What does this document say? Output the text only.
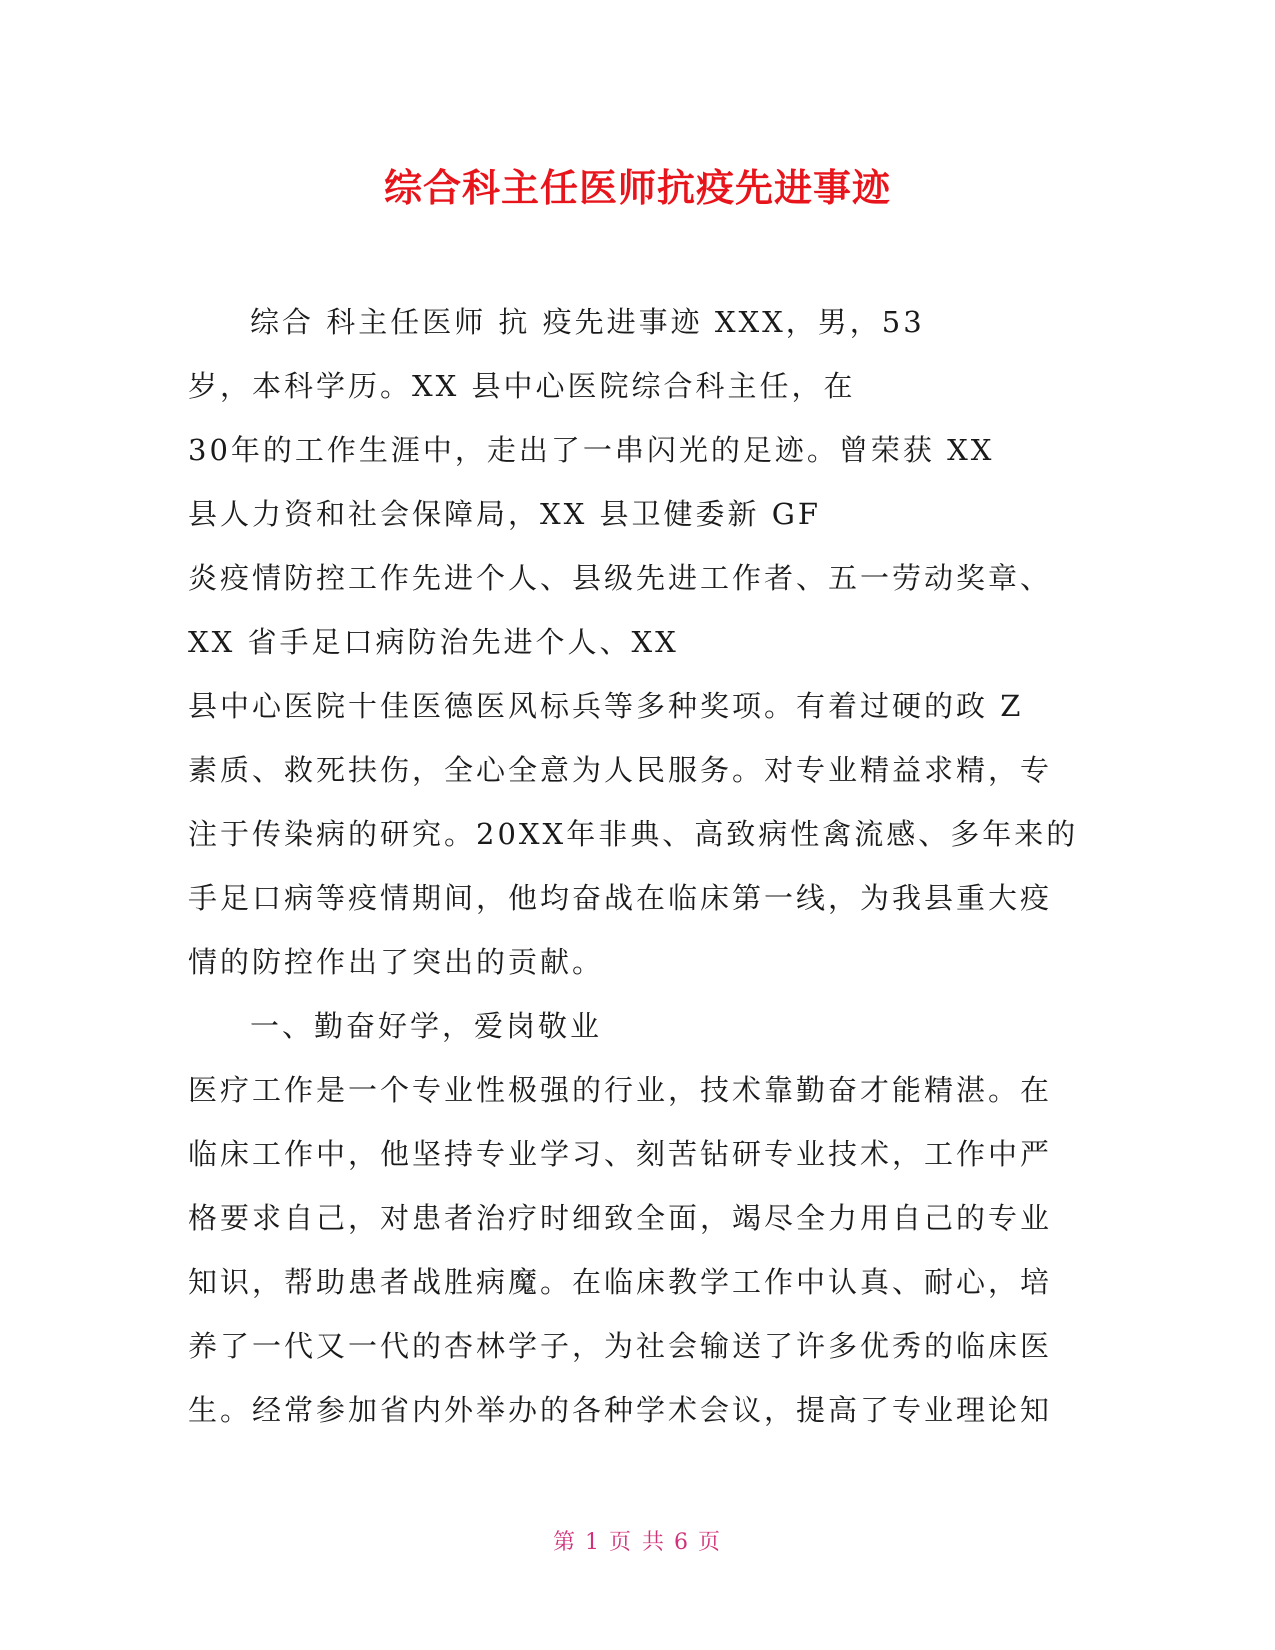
综合科主任医师抗疫先进事迹
综合 科主任医师 抗 疫先进事迹 XXX，男，53
岁，本科学历。XX 县中心医院综合科主任，在
30年的工作生涯中，走出了一串闪光的足迹。曾荣获 XX
县人力资和社会保障局，XX 县卫健委新 GF
炎疫情防控工作先进个人、县级先进工作者、五一劳动奖章、
XX 省手足口病防治先进个人、XX
县中心医院十佳医德医风标兵等多种奖项。有着过硬的政 Z
素质、救死扶伤，全心全意为人民服务。对专业精益求精，专
注于传染病的研究。20XX年非典、高致病性禽流感、多年来的
手足口病等疫情期间，他均奋战在临床第一线，为我县重大疫
情的防控作出了突出的贡献。
一、勤奋好学，爱岗敬业
医疗工作是一个专业性极强的行业，技术靠勤奋才能精湛。在
临床工作中，他坚持专业学习、刻苦钻研专业技术，工作中严
格要求自己，对患者治疗时细致全面，竭尽全力用自己的专业
知识，帮助患者战胜病魔。在临床教学工作中认真、耐心，培
养了一代又一代的杏林学子，为社会输送了许多优秀的临床医
生。经常参加省内外举办的各种学术会议，提高了专业理论知
第 1 页 共 6 页
